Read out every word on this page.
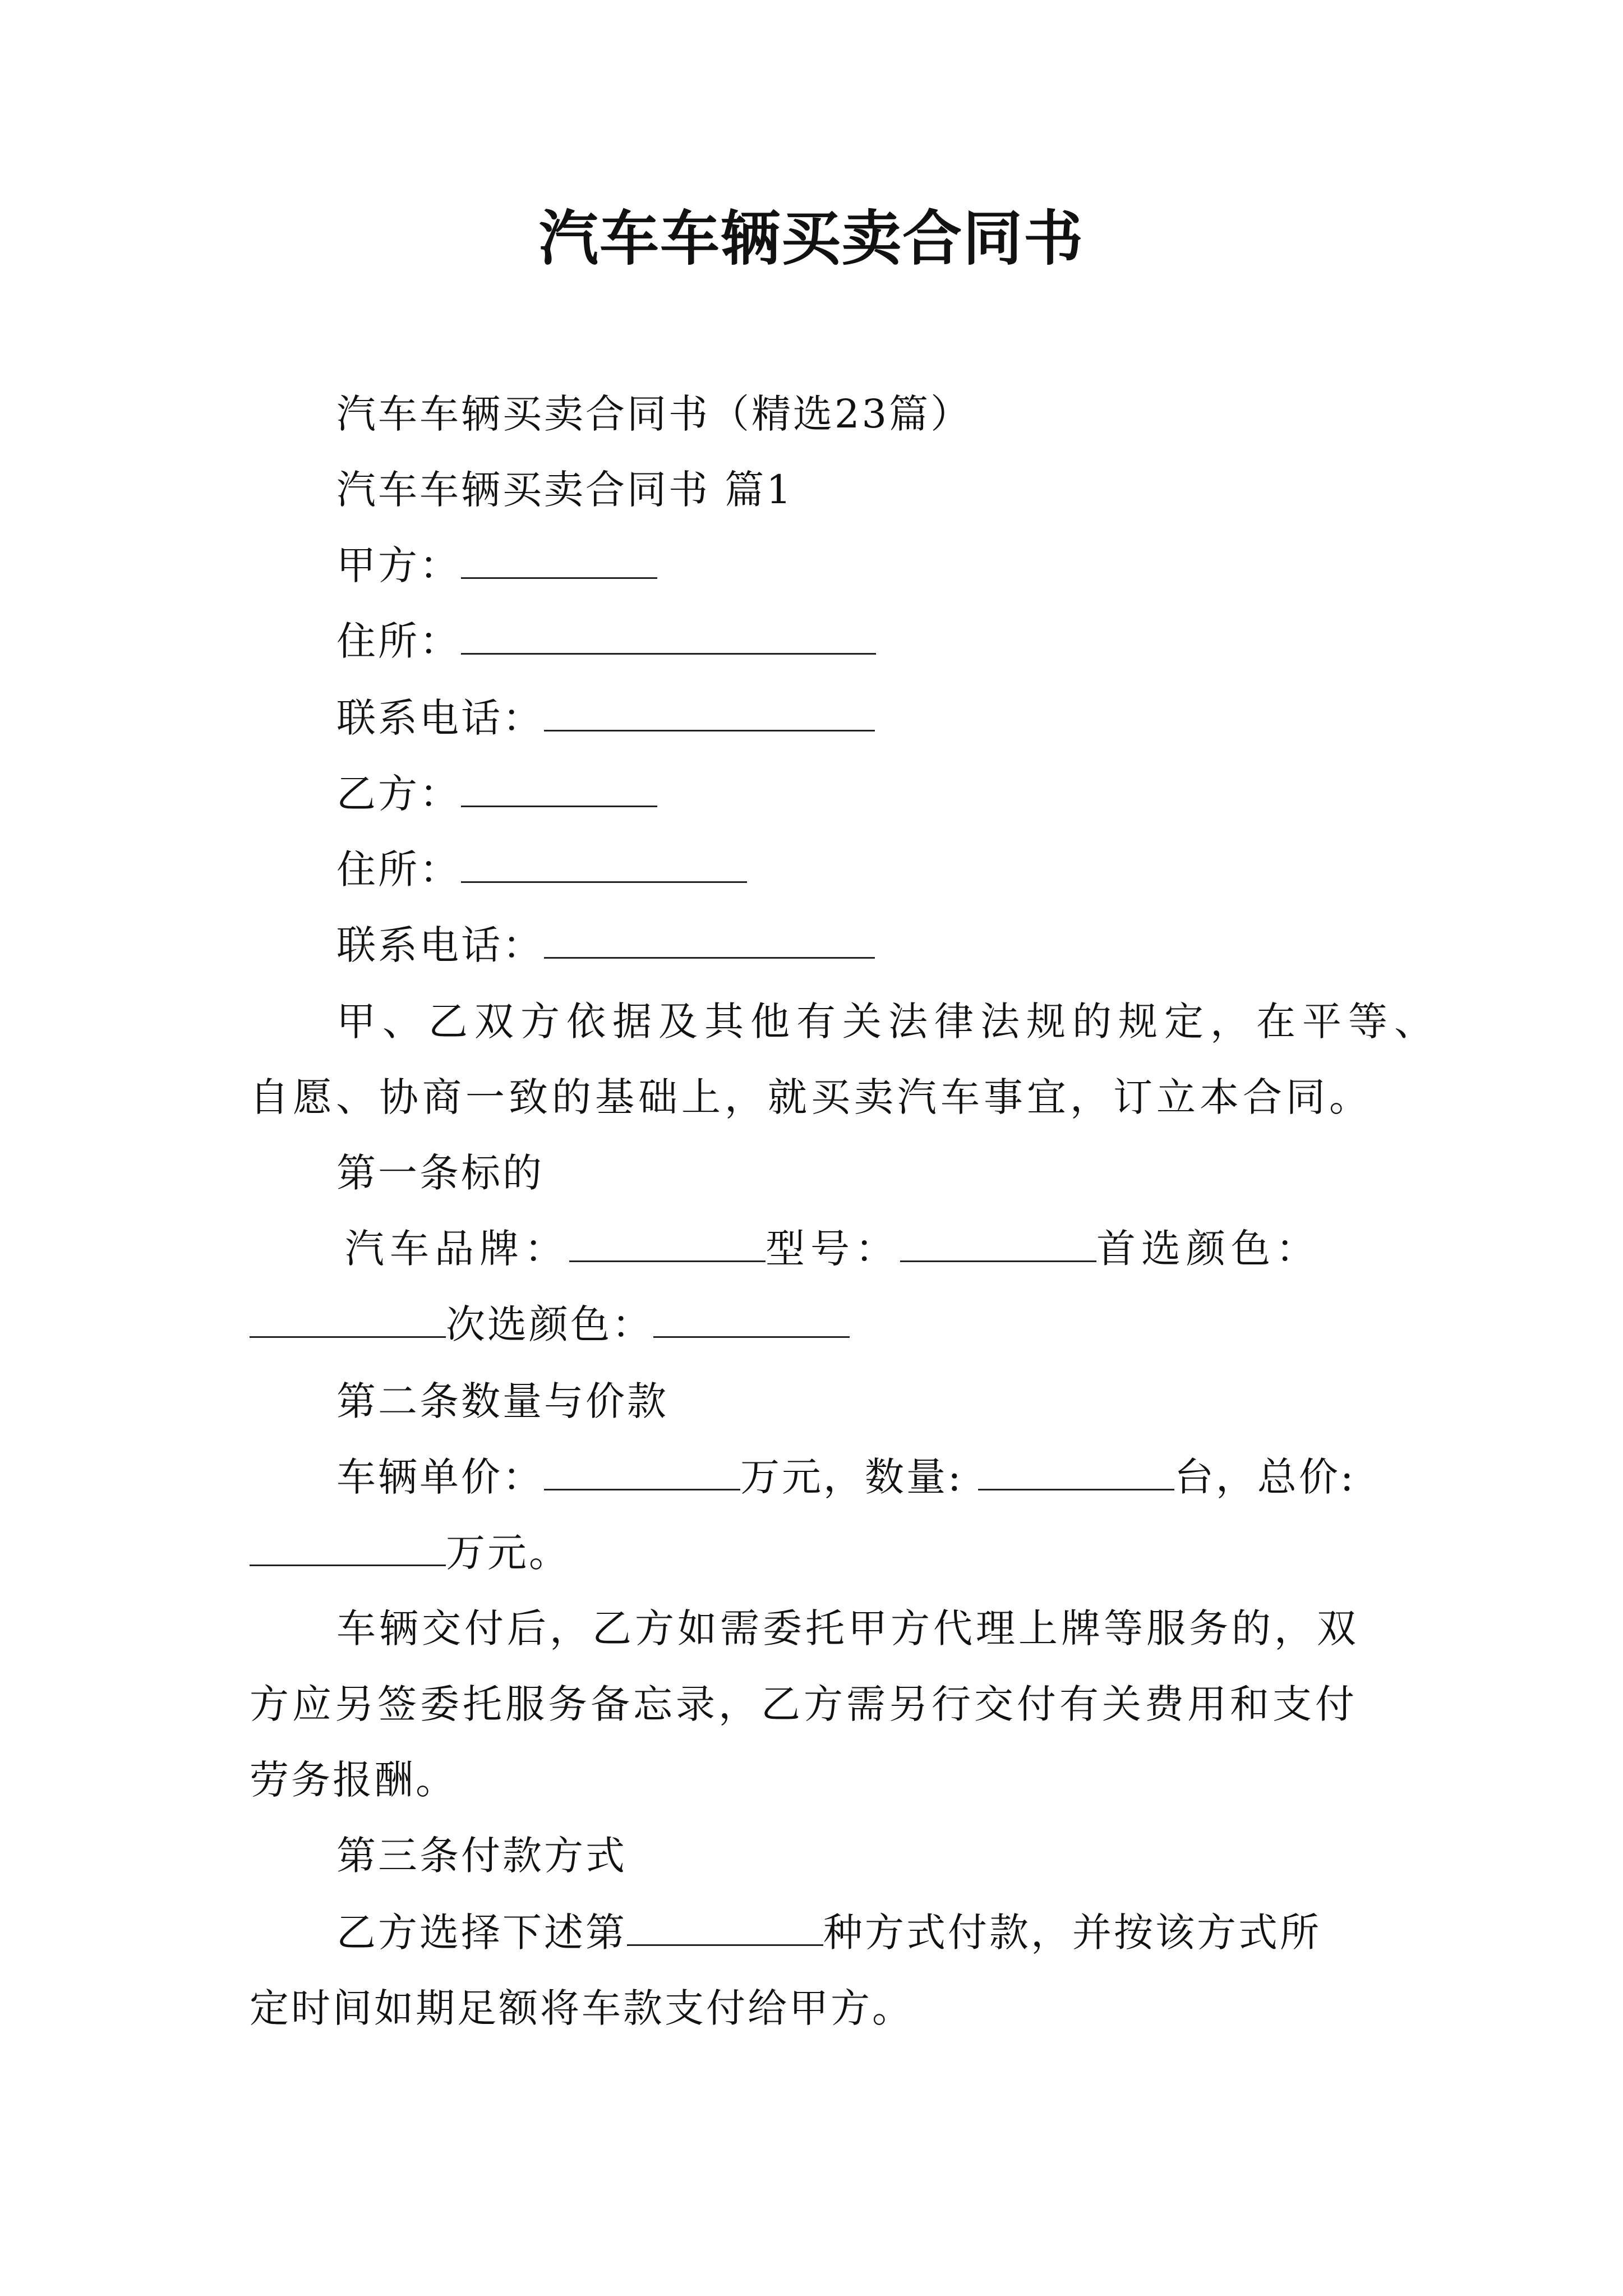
汽车车辆买卖合同书
汽车车辆买卖合同书（精选23篇）
汽车车辆买卖合同书 篇1
甲方：
住所：
联系电话：
乙方：
住所：
联系电话：
甲、乙双方依据及其他有关法律法规的规定，在平等、
自愿、协商一致的基础上，就买卖汽车事宜，订立本合同。
第一条标的
汽车品牌：	型号：	首选颜色：
次选颜色：
第二条数量与价款
车辆单价：	万元，数量:	台，总价:
万元。
车辆交付后，乙方如需委托甲方代理上牌等服务的，双
方应另签委托服务备忘录，乙方需另行交付有关费用和支付
劳务报酬。
第三条付款方式
乙方选择下述第	种方式付款，并按该方式所
定时间如期足额将车款支付给甲方。
